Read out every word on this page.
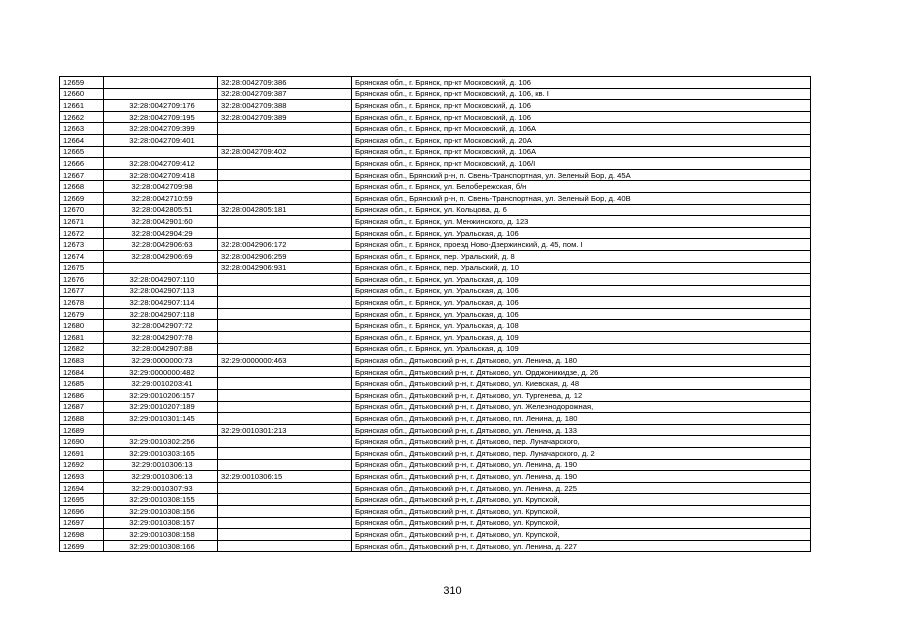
12659		32:28:0042709:386	Брянская обл., г. Брянск, пр-кт Московский, д. 106
12660		32:28:0042709:387	Брянская обл., г. Брянск, пр-кт Московский, д. 106, кв. I
12661	32:28:0042709:176	32:28:0042709:388	Брянская обл., г. Брянск, пр-кт Московский, д. 106
12662	32:28:0042709:195	32:28:0042709:389	Брянская обл., г. Брянск, пр-кт Московский, д. 106
12663	32:28:0042709:399		Брянская обл., г. Брянск, пр-кт Московский, д. 106А
12664	32:28:0042709:401		Брянская обл., г. Брянск, пр-кт Московский, д. 20А
12665		32:28:0042709:402	Брянская обл., г. Брянск, пр-кт Московский, д. 106А
12666	32:28:0042709:412		Брянская обл., г. Брянск, пр-кт Московский, д. 106/I
12667	32:28:0042709:418		Брянская обл., Брянский р-н, п. Свень-Транспортная, ул. Зеленый Бор, д. 45А
12668	32:28:0042709:98		Брянская обл., г. Брянск, ул. Белобережская, б/н
12669	32:28:0042710:59		Брянская обл., Брянский р-н, п. Свень-Транспортная, ул. Зеленый Бор, д. 40В
12670	32:28:0042805:51	32:28:0042805:181	Брянская обл., г. Брянск, ул. Кольцова, д. 6
12671	32:28:0042901:60		Брянская обл., г. Брянск, ул. Менжинского, д. 123
12672	32:28:0042904:29		Брянская обл., г. Брянск, ул. Уральская, д. 106
12673	32:28:0042906:63	32:28:0042906:172	Брянская обл., г. Брянск, проезд Ново-Дзержинский, д. 45, пом. I
12674	32:28:0042906:69	32:28:0042906:259	Брянская обл., г. Брянск, пер. Уральский, д. 8
12675		32:28:0042906:931	Брянская обл., г. Брянск, пер. Уральский, д. 10
12676	32:28:0042907:110		Брянская обл., г. Брянск, ул. Уральская, д. 109
12677	32:28:0042907:113		Брянская обл., г. Брянск, ул. Уральская, д. 106
12678	32:28:0042907:114		Брянская обл., г. Брянск, ул. Уральская, д. 106
12679	32:28:0042907:118		Брянская обл., г. Брянск, ул. Уральская, д. 106
12680	32:28:0042907:72		Брянская обл., г. Брянск, ул. Уральская, д. 108
12681	32:28:0042907:78		Брянская обл., г. Брянск, ул. Уральская, д. 109
12682	32:28:0042907:88		Брянская обл., г. Брянск, ул. Уральская, д. 109
12683	32:29:0000000:73	32:29:0000000:463	Брянская обл., Дятьковский р-н, г. Дятьково, ул. Ленина, д. 180
12684	32:29:0000000:482		Брянская обл., Дятьковский р-н, г. Дятьково, ул. Орджоникидзе, д. 26
12685	32:29:0010203:41		Брянская обл., Дятьковский р-н, г. Дятьково, ул. Киевская, д. 48
12686	32:29:0010206:157		Брянская обл., Дятьковский р-н, г. Дятьково, ул. Тургенева, д. 12
12687	32:29:0010207:189		Брянская обл., Дятьковский р-н, г. Дятьково, ул. Железнодорожная,
12688	32:29:0010301:145		Брянская обл., Дятьковский р-н, г. Дятьково, пл. Ленина, д. 180
12689		32:29:0010301:213	Брянская обл., Дятьковский р-н, г. Дятьково, ул. Ленина, д. 133
12690	32:29:0010302:256		Брянская обл., Дятьковский р-н, г. Дятьково, пер. Луначарского,
12691	32:29:0010303:165		Брянская обл., Дятьковский р-н, г. Дятьково, пер. Луначарского, д. 2
12692	32:29:0010306:13		Брянская обл., Дятьковский р-н, г. Дятьково, ул. Ленина, д. 190
12693	32:29:0010306:13	32:29:0010306:15	Брянская обл., Дятьковский р-н, г. Дятьково, ул. Ленина, д. 190
12694	32:29:0010307:93		Брянская обл., Дятьковский р-н, г. Дятьково, ул. Ленина, д. 225
12695	32:29:0010308:155		Брянская обл., Дятьковский р-н, г. Дятьково, ул. Крупской,
12696	32:29:0010308:156		Брянская обл., Дятьковский р-н, г. Дятьково, ул. Крупской,
12697	32:29:0010308:157		Брянская обл., Дятьковский р-н, г. Дятьково, ул. Крупской,
12698	32:29:0010308:158		Брянская обл., Дятьковский р-н, г. Дятьково, ул. Крупской,
12699	32:29:0010308:166		Брянская обл., Дятьковский р-н, г. Дятьково, ул. Ленина, д. 227
310
